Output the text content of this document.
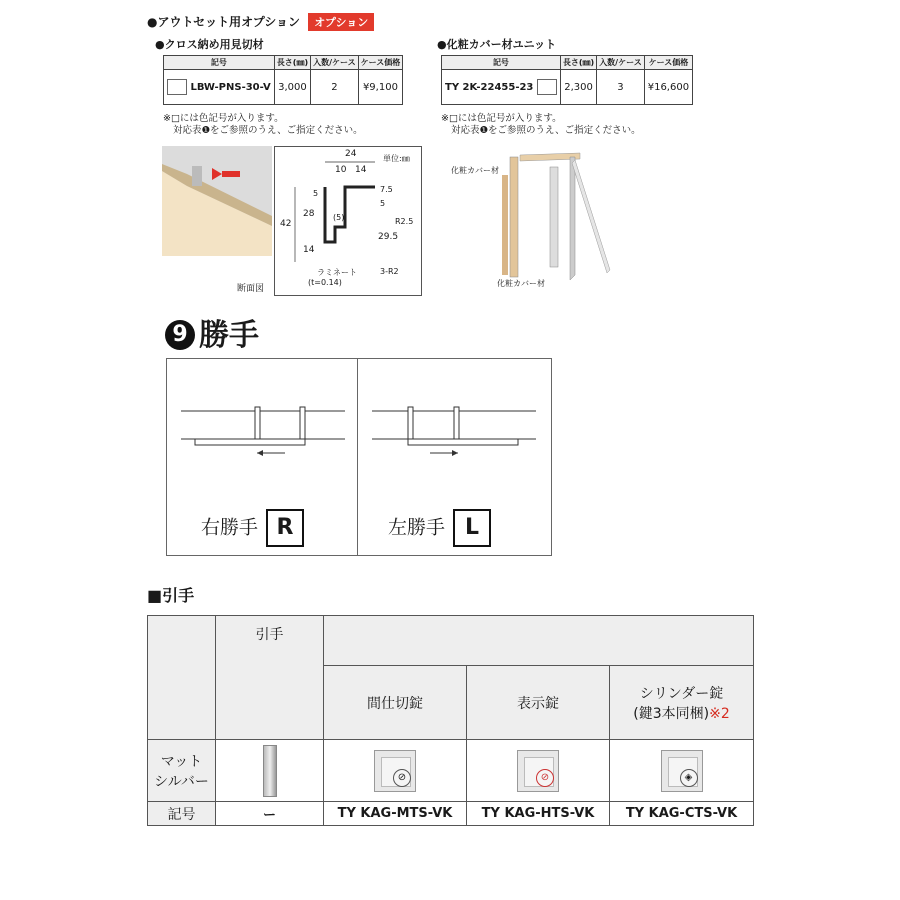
●アウトセット用オプション オプション
●クロス納め用見切材
記号	長さ(㎜)	入数/ケース	ケース価格
LBW-PNS-30-V	3,000	2	¥9,100
※□には色記号が入ります。
対応表❶をご参照のうえ、ご指定ください。
24	単位:㎜
10 14
5
28
42
14
(5)
7.5
5
R2.5
29.5
ラミネート
(t=0.14)
3-R2
断面図
●化粧カバー材ユニット
記号	長さ(㎜)	入数/ケース	ケース価格
TY 2K-22455-23	2,300	3	¥16,600
※□には色記号が入ります。
対応表❶をご参照のうえ、ご指定ください。
化粧カバー材
化粧カバー材
9 勝手
右勝手 R	左勝手 L
■引手
	引手			
		間仕切錠	表示錠	シリンダー錠
(鍵3本同梱)※2

マット
シルバー		⊘	⊘	◈

記号	ー	TY KAG-MTS-VK	TY KAG-HTS-VK	TY KAG-CTS-VK
